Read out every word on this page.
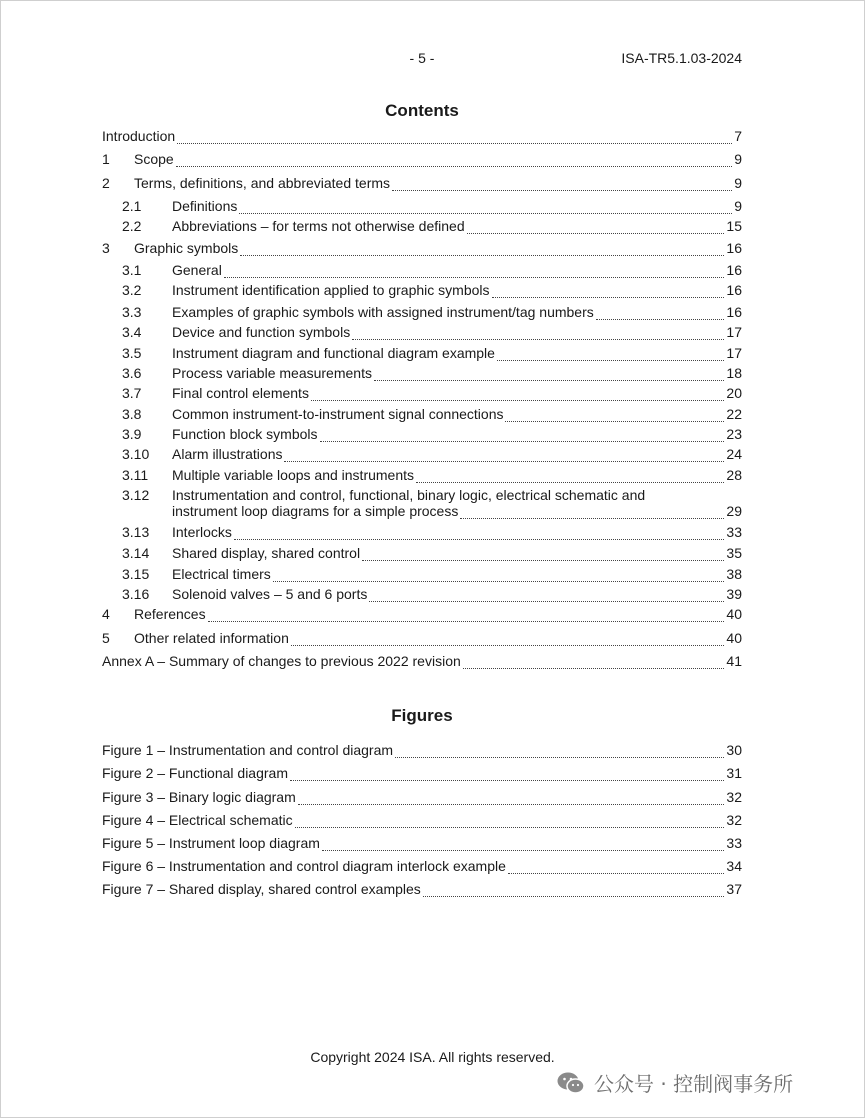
- 5 -	ISA-TR5.1.03-2024
Contents
Introduction	7
1	Scope	9
2	Terms, definitions, and abbreviated terms	9
2.1	Definitions	9
2.2	Abbreviations – for terms not otherwise defined	15
3	Graphic symbols	16
3.1	General	16
3.2	Instrument identification applied to graphic symbols	16
3.3	Examples of graphic symbols with assigned instrument/tag numbers	16
3.4	Device and function symbols	17
3.5	Instrument diagram and functional diagram example	17
3.6	Process variable measurements	18
3.7	Final control elements	20
3.8	Common instrument-to-instrument signal connections	22
3.9	Function block symbols	23
3.10	Alarm illustrations	24
3.11	Multiple variable loops and instruments	28
3.12	Instrumentation and control, functional, binary logic, electrical schematic and
instrument loop diagrams for a simple process	29
3.13	Interlocks	33
3.14	Shared display, shared control	35
3.15	Electrical timers	38
3.16	Solenoid valves – 5 and 6 ports	39
4	References	40
5	Other related information	40
Annex A – Summary of changes to previous 2022 revision	41
Figures
Figure 1 – Instrumentation and control diagram	30
Figure 2 – Functional diagram	31
Figure 3 – Binary logic diagram	32
Figure 4 – Electrical schematic	32
Figure 5 – Instrument loop diagram	33
Figure 6 – Instrumentation and control diagram interlock example	34
Figure 7 – Shared display, shared control examples	37
Copyright 2024 ISA. All rights reserved.
公众号 · 控制阀事务所
